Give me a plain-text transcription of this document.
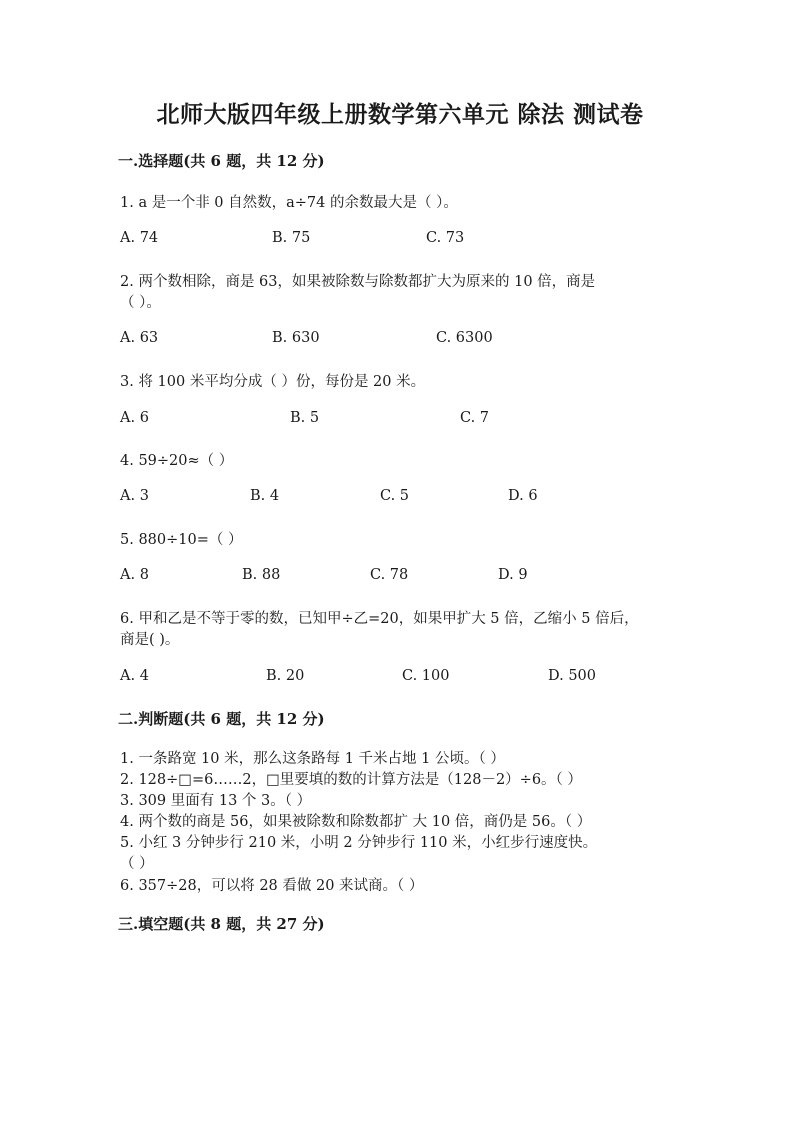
北师大版四年级上册数学第六单元 除法 测试卷
一.选择题(共 6 题，共 12 分)
1. a 是一个非 0 自然数，a÷74 的余数最大是（ ）。
A. 74	B. 75	C. 73
2. 两个数相除，商是 63，如果被除数与除数都扩大为原来的 10 倍，商是
（ ）。
A. 63	B. 630	C. 6300
3. 将 100 米平均分成（ ）份，每份是 20 米。
A. 6	B. 5	C. 7
4. 59÷20≈（ ）
A. 3	B. 4	C. 5	D. 6
5. 880÷10=（ ）
A. 8	B. 88	C. 78	D. 9
6. 甲和乙是不等于零的数，已知甲÷乙=20，如果甲扩大 5 倍，乙缩小 5 倍后，
商是( )。
A. 4	B. 20	C. 100	D. 500
二.判断题(共 6 题，共 12 分)
1. 一条路宽 10 米，那么这条路每 1 千米占地 1 公顷。（ ）
2. 128÷□=6……2，□里要填的数的计算方法是（128－2）÷6。（ ）
3. 309 里面有 13 个 3。（ ）
4. 两个数的商是 56，如果被除数和除数都扩 大 10 倍，商仍是 56。（ ）
5. 小红 3 分钟步行 210 米，小明 2 分钟步行 110 米，小红步行速度快。
（ ）
6. 357÷28，可以将 28 看做 20 来试商。（ ）
三.填空题(共 8 题，共 27 分)
